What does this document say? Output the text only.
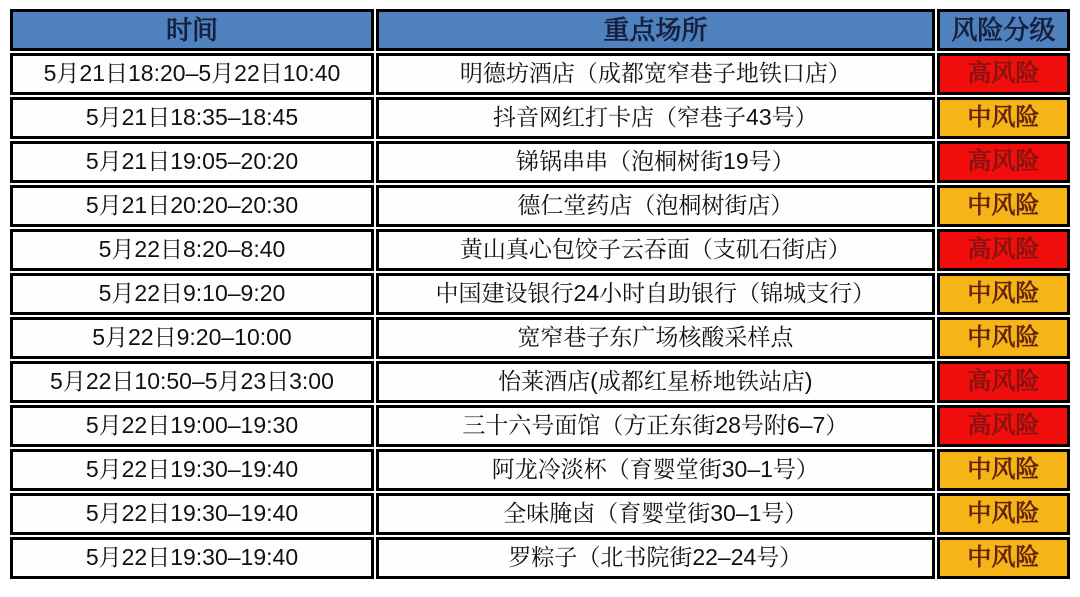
时间	重点场所	风险分级
5月21日18:20–5月22日10:40	明德坊酒店（成都宽窄巷子地铁口店）	高风险
5月21日18:35–18:45	抖音网红打卡店（窄巷子43号）	中风险
5月21日19:05–20:20	锑锅串串（泡桐树街19号）	高风险
5月21日20:20–20:30	德仁堂药店（泡桐树街店）	中风险
5月22日8:20–8:40	黄山真心包饺子云吞面（支矶石街店）	高风险
5月22日9:10–9:20	中国建设银行24小时自助银行（锦城支行）	中风险
5月22日9:20–10:00	宽窄巷子东广场核酸采样点	中风险
5月22日10:50–5月23日3:00	怡莱酒店(成都红星桥地铁站店)	高风险
5月22日19:00–19:30	三十六号面馆（方正东街28号附6–7）	高风险
5月22日19:30–19:40	阿龙冷淡杯（育婴堂街30–1号）	中风险
5月22日19:30–19:40	全味腌卤（育婴堂街30–1号）	中风险
5月22日19:30–19:40	罗粽子（北书院街22–24号）	中风险
